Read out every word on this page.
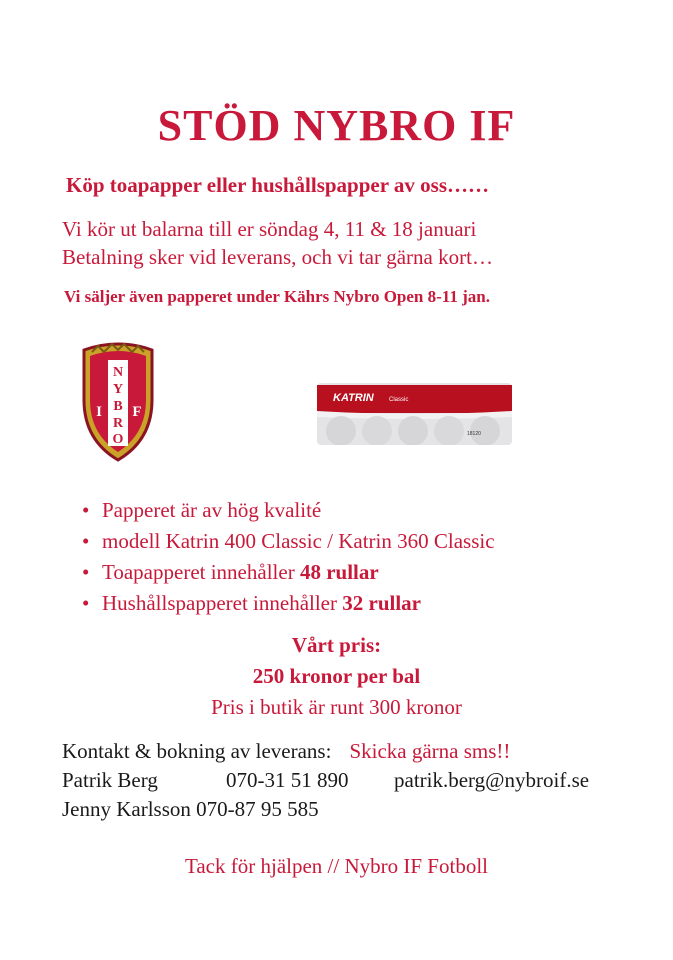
STÖD NYBRO IF
Köp toapapper eller hushållspapper av oss……
Vi kör ut balarna till er söndag 4, 11 & 18 januari
Betalning sker vid leverans, och vi tar gärna kort…
Vi säljer även papperet under Kährs Nybro Open 8-11 jan.
N
Y
B
R
O
I F
KATRIN	Classic
18120
• Papperet är av hög kvalité
• modell Katrin 400 Classic / Katrin 360 Classic
• Toapapperet innehåller 48 rullar
• Hushållspapperet innehåller 32 rullar
Vårt pris:
250 kronor per bal
Pris i butik är runt 300 kronor
Kontakt & bokning av leverans: Skicka gärna sms!!
Patrik Berg	070-31 51 890 patrik.berg@nybroif.se
Jenny Karlsson 070-87 95 585
Tack för hjälpen // Nybro IF Fotboll
